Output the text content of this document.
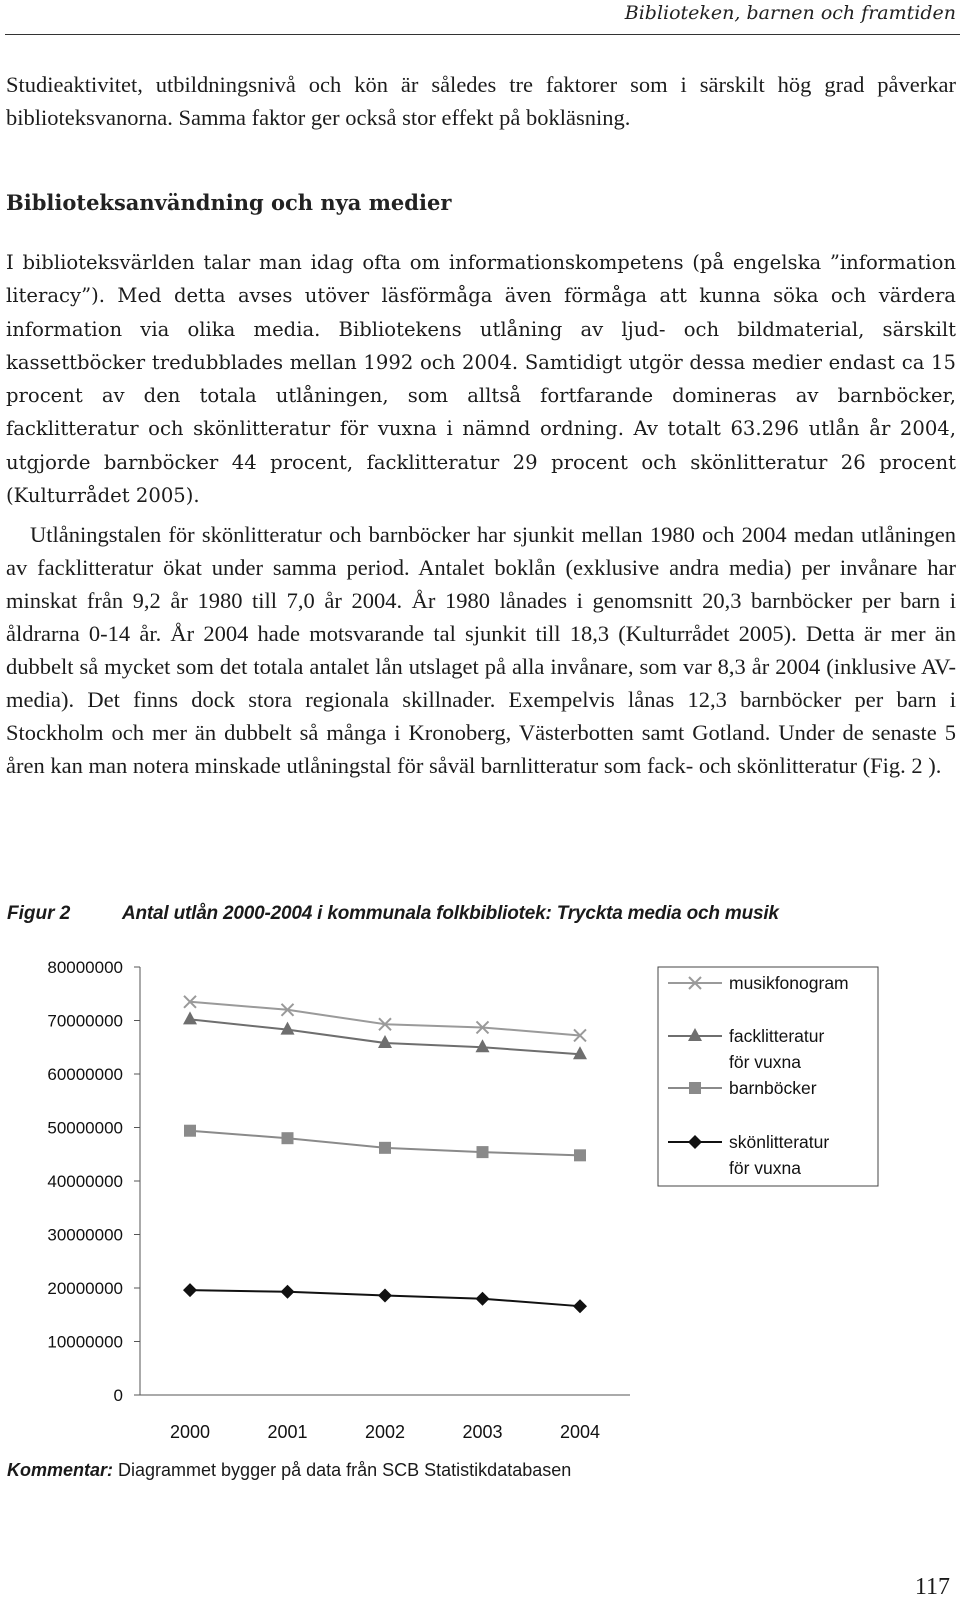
Biblioteken, barnen och framtiden

Studieaktivitet, utbildningsnivå och kön är således tre faktorer som i särskilt hög grad påverkar biblioteksvanorna. Samma faktor ger också stor effekt på bokläsning.

Biblioteksanvändning och nya medier

I biblioteksvärlden talar man idag ofta om informationskompetens (på engelska ”information literacy”). Med detta avses utöver läsförmåga även förmåga att kunna söka och värdera information via olika media. Bibliotekens utlåning av ljud- och bildmaterial, särskilt kassettböcker tredubblades mellan 1992 och 2004. Samtidigt utgör dessa medier endast ca 15 procent av den totala utlåningen, som alltså fortfarande domineras av barnböcker, facklitteratur och skönlitteratur för vuxna i nämnd ordning. Av totalt 63.296 utlån år 2004, utgjorde barnböcker 44 procent, facklitteratur 29 procent och skönlitteratur 26 procent (Kulturrådet 2005).

Utlåningstalen för skönlitteratur och barnböcker har sjunkit mellan 1980 och 2004 medan utlåningen av facklitteratur ökat under samma period. Antalet boklån (exklusive andra media) per invånare har minskat från 9,2 år 1980 till 7,0 år 2004. År 1980 lånades i genomsnitt 20,3 barnböcker per barn i åldrarna 0-14 år. År 2004 hade motsvarande tal sjunkit till 18,3 (Kulturrådet 2005). Detta är mer än dubbelt så mycket som det totala antalet lån utslaget på alla invånare, som var 8,3 år 2004 (inklusive AV-media). Det finns dock stora regionala skillnader. Exempelvis lånas 12,3 barnböcker per barn i Stockholm och mer än dubbelt så många i Kronoberg, Västerbotten samt Gotland. Under de senaste 5 åren kan man notera minskade utlåningstal för såväl barnlitteratur som fack- och skönlitteratur (Fig. 2 ).

Figur 2	Antal utlån 2000-2004 i kommunala folkbibliotek: Tryckta media och musik
0
10000000
20000000
30000000
40000000
50000000
60000000
70000000
80000000
2000	2001	2002	2003	2004
musikfonogram
facklitteratur för vuxna
barnböcker
skönlitteratur för vuxna
Kommentar: Diagrammet bygger på data från SCB Statistikdatabasen
117
